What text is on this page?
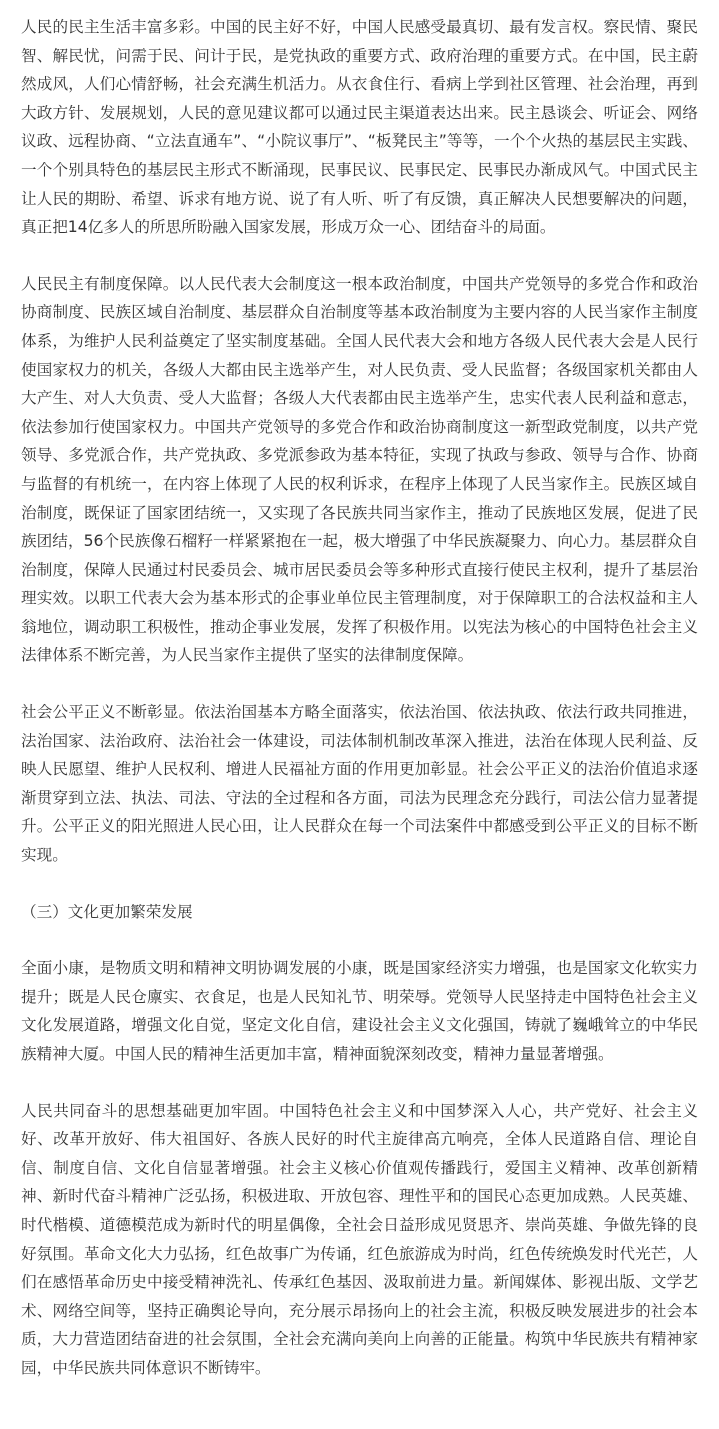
人民的民主生活丰富多彩。中国的民主好不好，中国人民感受最真切、最有发言权。察民情、聚民智、解民忧，问需于民、问计于民，是党执政的重要方式、政府治理的重要方式。在中国，民主蔚然成风，人们心情舒畅，社会充满生机活力。从衣食住行、看病上学到社区管理、社会治理，再到大政方针、发展规划，人民的意见建议都可以通过民主渠道表达出来。民主恳谈会、听证会、网络议政、远程协商、“立法直通车”、“小院议事厅”、“板凳民主”等等，一个个火热的基层民主实践、一个个别具特色的基层民主形式不断涌现，民事民议、民事民定、民事民办渐成风气。中国式民主让人民的期盼、希望、诉求有地方说、说了有人听、听了有反馈，真正解决人民想要解决的问题，真正把14亿多人的所思所盼融入国家发展，形成万众一心、团结奋斗的局面。

人民民主有制度保障。以人民代表大会制度这一根本政治制度，中国共产党领导的多党合作和政治协商制度、民族区域自治制度、基层群众自治制度等基本政治制度为主要内容的人民当家作主制度体系，为维护人民利益奠定了坚实制度基础。全国人民代表大会和地方各级人民代表大会是人民行使国家权力的机关，各级人大都由民主选举产生，对人民负责、受人民监督；各级国家机关都由人大产生、对人大负责、受人大监督；各级人大代表都由民主选举产生，忠实代表人民利益和意志，依法参加行使国家权力。中国共产党领导的多党合作和政治协商制度这一新型政党制度，以共产党领导、多党派合作，共产党执政、多党派参政为基本特征，实现了执政与参政、领导与合作、协商与监督的有机统一，在内容上体现了人民的权利诉求，在程序上体现了人民当家作主。民族区域自治制度，既保证了国家团结统一，又实现了各民族共同当家作主，推动了民族地区发展，促进了民族团结，56个民族像石榴籽一样紧紧抱在一起，极大增强了中华民族凝聚力、向心力。基层群众自治制度，保障人民通过村民委员会、城市居民委员会等多种形式直接行使民主权利，提升了基层治理实效。以职工代表大会为基本形式的企事业单位民主管理制度，对于保障职工的合法权益和主人翁地位，调动职工积极性，推动企事业发展，发挥了积极作用。以宪法为核心的中国特色社会主义法律体系不断完善，为人民当家作主提供了坚实的法律制度保障。

社会公平正义不断彰显。依法治国基本方略全面落实，依法治国、依法执政、依法行政共同推进，法治国家、法治政府、法治社会一体建设，司法体制机制改革深入推进，法治在体现人民利益、反映人民愿望、维护人民权利、增进人民福祉方面的作用更加彰显。社会公平正义的法治价值追求逐渐贯穿到立法、执法、司法、守法的全过程和各方面，司法为民理念充分践行，司法公信力显著提升。公平正义的阳光照进人民心田，让人民群众在每一个司法案件中都感受到公平正义的目标不断实现。

（三）文化更加繁荣发展

全面小康，是物质文明和精神文明协调发展的小康，既是国家经济实力增强，也是国家文化软实力提升；既是人民仓廪实、衣食足，也是人民知礼节、明荣辱。党领导人民坚持走中国特色社会主义文化发展道路，增强文化自觉，坚定文化自信，建设社会主义文化强国，铸就了巍峨耸立的中华民族精神大厦。中国人民的精神生活更加丰富，精神面貌深刻改变，精神力量显著增强。

人民共同奋斗的思想基础更加牢固。中国特色社会主义和中国梦深入人心，共产党好、社会主义好、改革开放好、伟大祖国好、各族人民好的时代主旋律高亢响亮，全体人民道路自信、理论自信、制度自信、文化自信显著增强。社会主义核心价值观传播践行，爱国主义精神、改革创新精神、新时代奋斗精神广泛弘扬，积极进取、开放包容、理性平和的国民心态更加成熟。人民英雄、时代楷模、道德模范成为新时代的明星偶像，全社会日益形成见贤思齐、崇尚英雄、争做先锋的良好氛围。革命文化大力弘扬，红色故事广为传诵，红色旅游成为时尚，红色传统焕发时代光芒，人们在感悟革命历史中接受精神洗礼、传承红色基因、汲取前进力量。新闻媒体、影视出版、文学艺术、网络空间等，坚持正确舆论导向，充分展示昂扬向上的社会主流，积极反映发展进步的社会本质，大力营造团结奋进的社会氛围，全社会充满向美向上向善的正能量。构筑中华民族共有精神家园，中华民族共同体意识不断铸牢。
